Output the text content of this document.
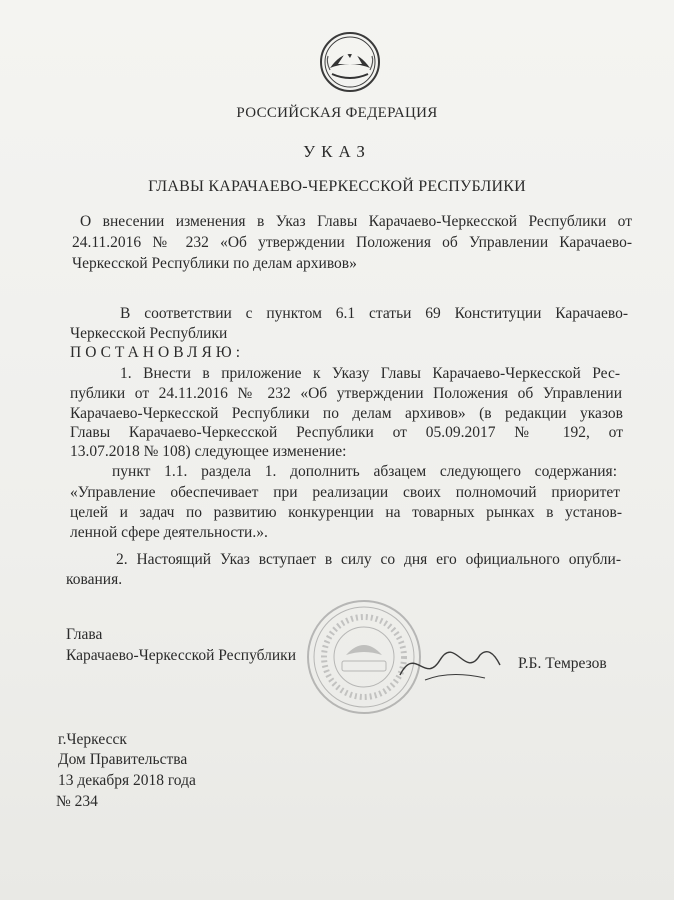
РОССИЙСКАЯ ФЕДЕРАЦИЯ
УКАЗ
ГЛАВЫ КАРАЧАЕВО-ЧЕРКЕССКОЙ РЕСПУБЛИКИ
О внесении изменения в Указ Главы Карачаево-Черкесской Республики от
24.11.2016 № 232 «Об утверждении Положения об Управлении Карачаево-
Черкесской Республики по делам архивов»
В соответствии с пунктом 6.1 статьи 69 Конституции Карачаево-
Черкесской Республики
ПОСТАНОВЛЯЮ:
1. Внести в приложение к Указу Главы Карачаево-Черкесской Рес-
публики от 24.11.2016 № 232 «Об утверждении Положения об Управлении
Карачаево-Черкесской Республики по делам архивов» (в редакции указов
Главы Карачаево-Черкесской Республики от 05.09.2017 № 192, от
13.07.2018 № 108) следующее изменение:
пункт 1.1. раздела 1. дополнить абзацем следующего содержания:
«Управление обеспечивает при реализации своих полномочий приоритет
целей и задач по развитию конкуренции на товарных рынках в установ-
ленной сфере деятельности.».
2. Настоящий Указ вступает в силу со дня его официального опубли-
кования.
Глава
Карачаево-Черкесской Республики	Р.Б. Темрезов
г.Черкесск
Дом Правительства
13 декабря 2018 года
№ 234
